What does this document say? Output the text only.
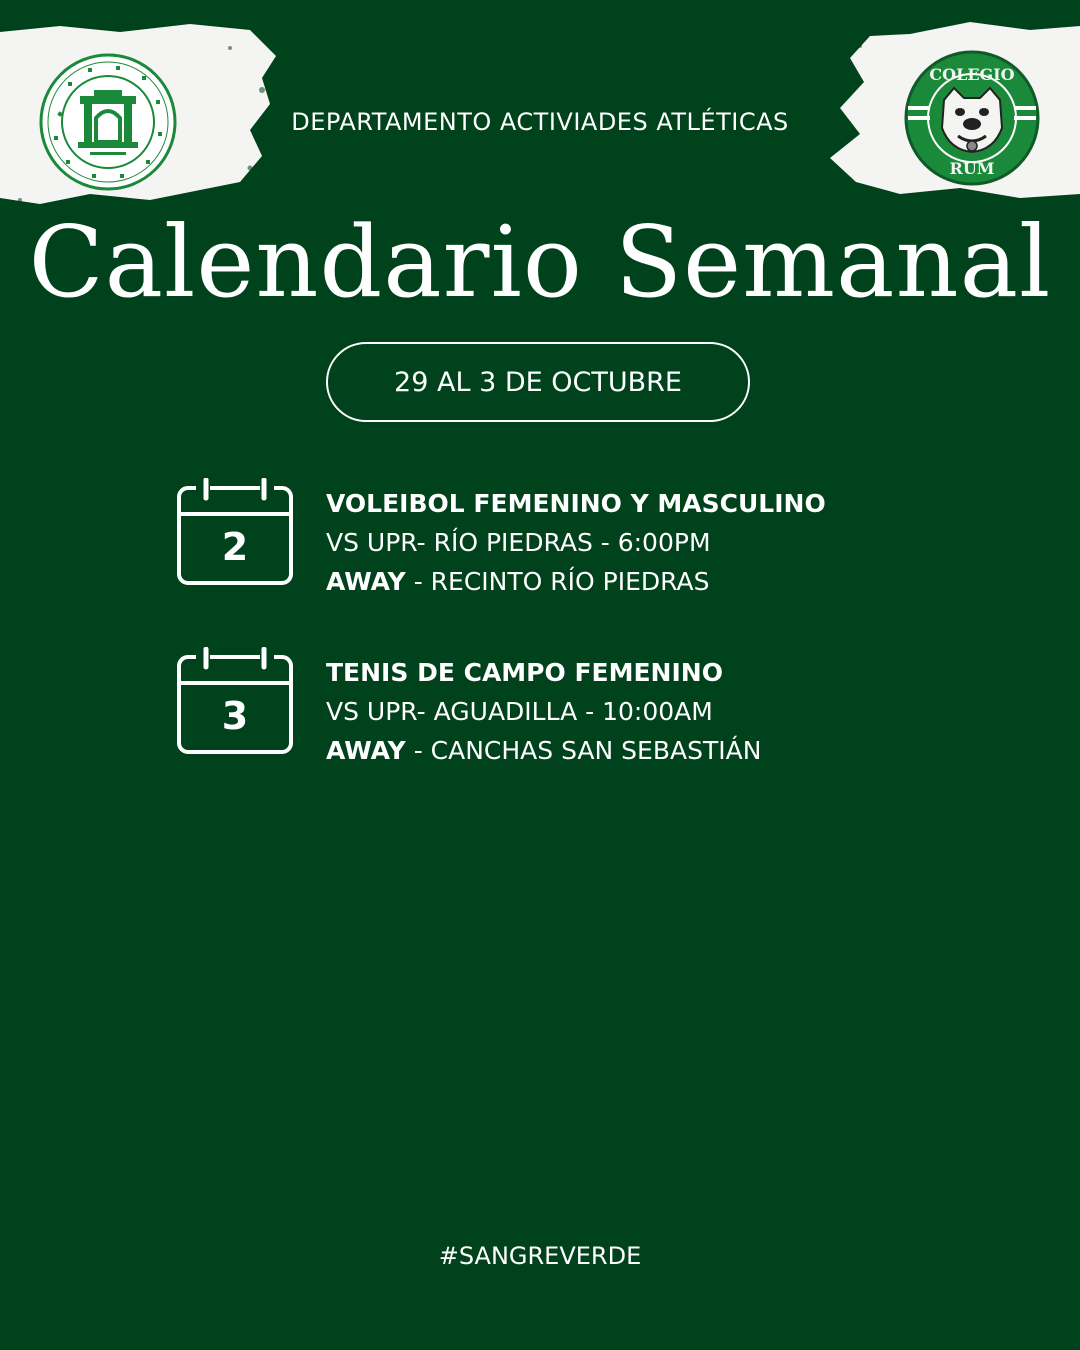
COLEGIO
RUM
DEPARTAMENTO ACTIVIADES ATLÉTICAS
Calendario Semanal
29 AL 3 DE OCTUBRE
2
VOLEIBOL FEMENINO Y MASCULINO
VS UPR- RÍO PIEDRAS - 6:00PM
AWAY - RECINTO RÍO PIEDRAS
3
TENIS DE CAMPO FEMENINO
VS UPR- AGUADILLA - 10:00AM
AWAY - CANCHAS SAN SEBASTIÁN
#SANGREVERDE
